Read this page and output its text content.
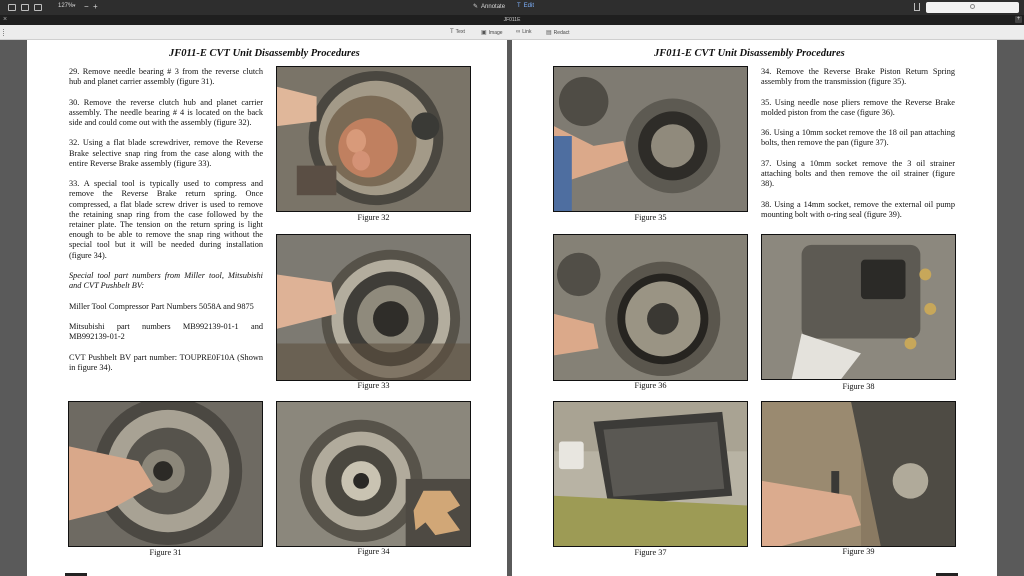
127% ▾ − +	✎ Annotate T Edit
×	JF011E	+
T Text	▣ Image ∞ Link ▤ Redact
JF011-E CVT Unit Disassembly Procedures

29. Remove needle bearing # 3 from the reverse clutch hub and planet carrier assembly (figure 31).

30. Remove the reverse clutch hub and planet carrier assembly. The needle bearing # 4 is located on the back side and could come out with the assembly (figure 32).

32. Using a flat blade screwdriver, remove the Reverse Brake selective snap ring from the case along with the entire Reverse Brake assembly (figure 33).

33. A special tool is typically used to compress and remove the Reverse Brake return spring. Once compressed, a flat blade screw driver is used to remove the retaining snap ring from the case followed by the retainer plate. The tension on the return spring is light enough to be able to remove the snap ring without the special tool but it will be needed during installation (figure 34).

Special tool part numbers from Miller tool, Mitsubishi and CVT Pushbelt BV:

Miller Tool Compressor Part Numbers 5058A and 9875

Mitsubishi part numbers MB992139-01-1 and MB992139-01-2

CVT Pushbelt BV part number: TOUPRE0F10A (Shown in figure 34).

Figure 32
Figure 33
Figure 31	Figure 34
JF011-E CVT Unit Disassembly Procedures
Figure 35

34. Remove the Reverse Brake Piston Return Spring assembly from the transmission (figure 35).

35. Using needle nose pliers remove the Reverse Brake molded piston from the case (figure 36).

36. Using a 10mm socket remove the 18 oil pan attaching bolts, then remove the pan (figure 37).

37. Using a 10mm socket remove the 3 oil strainer attaching bolts and then remove the oil strainer (figure 38).

38. Using a 14mm socket, remove the external oil pump mounting bolt with o-ring seal (figure 39).

Figure 36	Figure 38
Figure 37	Figure 39
